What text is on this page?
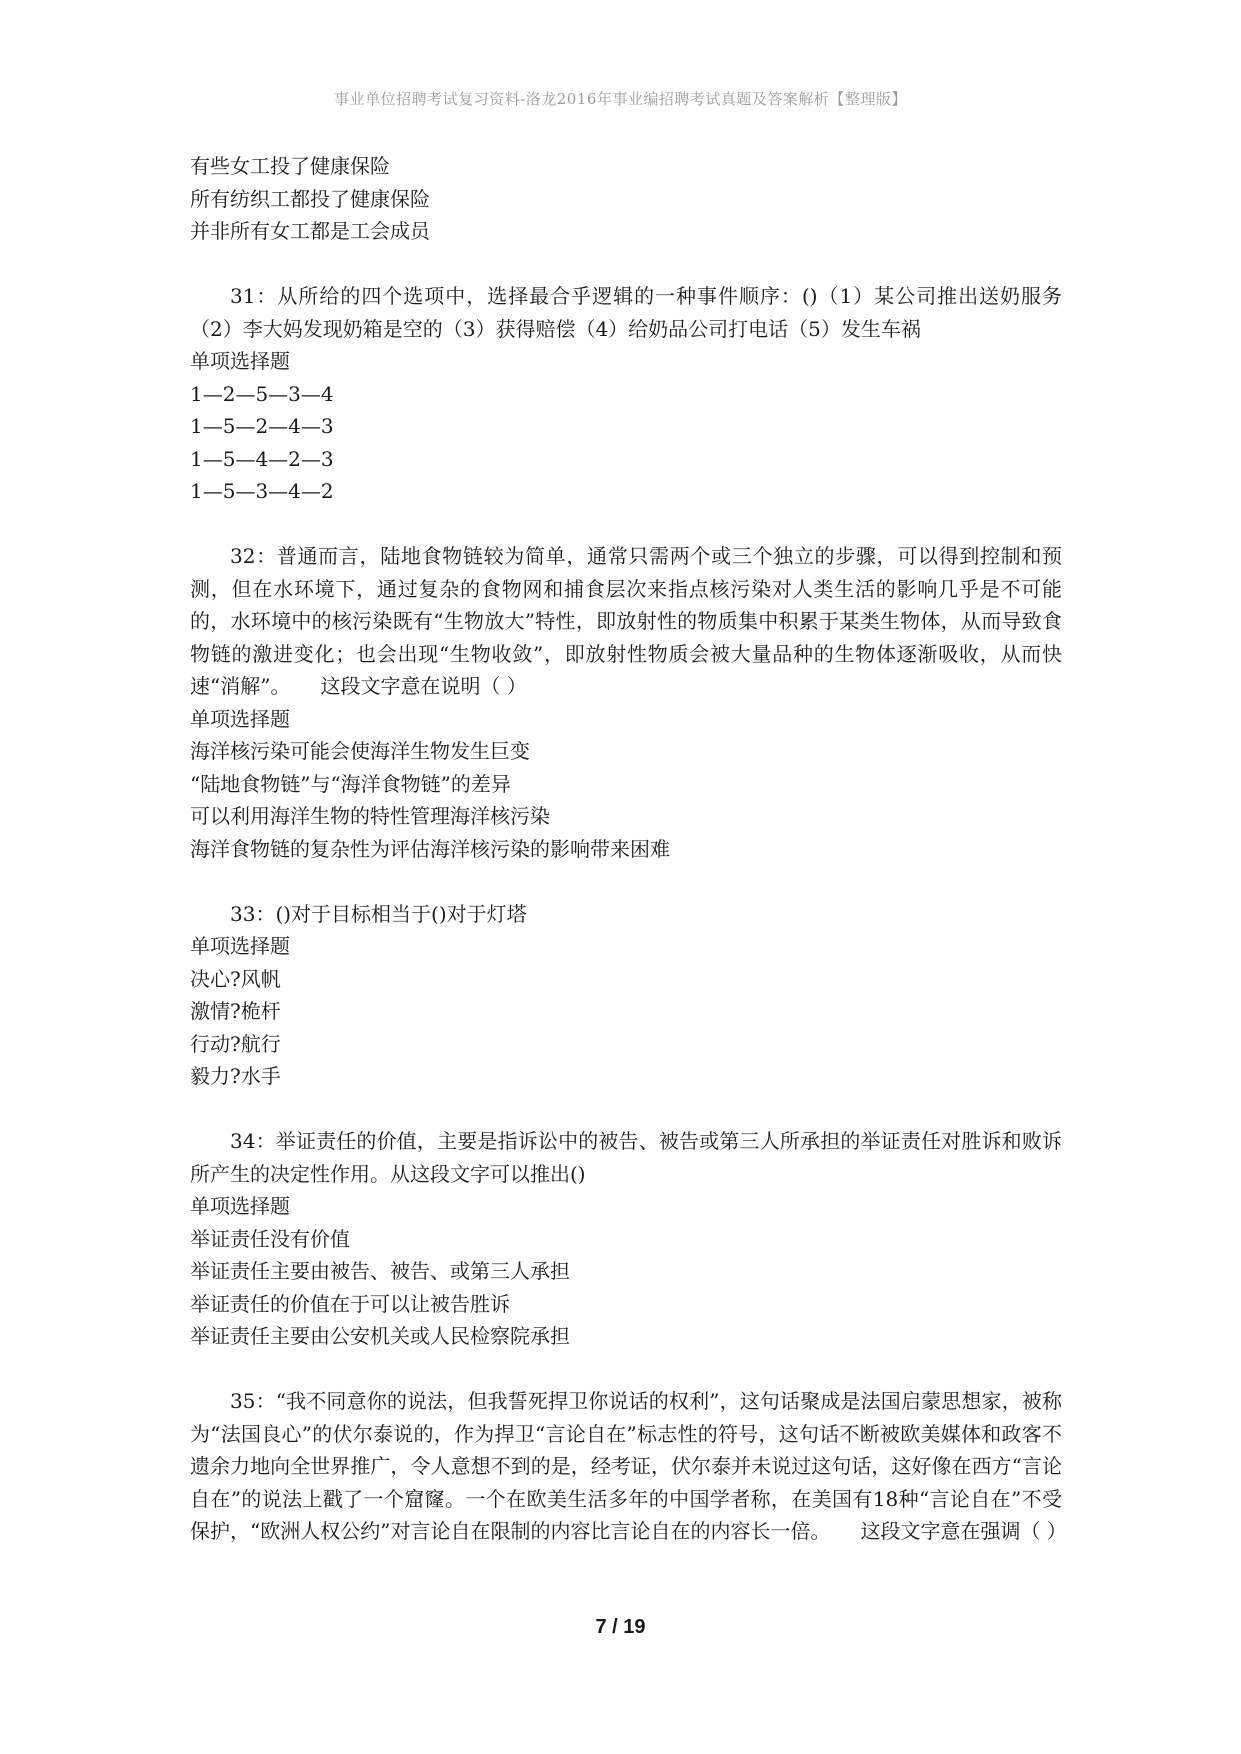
事业单位招聘考试复习资料-洛龙2016年事业编招聘考试真题及答案解析【整理版】

有些女工投了健康保险

所有纺织工都投了健康保险

并非所有女工都是工会成员

31：从所给的四个选项中，选择最合乎逻辑的一种事件顺序：()（1）某公司推出送奶服务（2）李大妈发现奶箱是空的（3）获得赔偿（4）给奶品公司打电话（5）发生车祸

单项选择题

1—2—5—3—4

1—5—2—4—3

1—5—4—2—3

1—5—3—4—2

32：普通而言，陆地食物链较为简单，通常只需两个或三个独立的步骤，可以得到控制和预测，但在水环境下，通过复杂的食物网和捕食层次来指点核污染对人类生活的影响几乎是不可能的，水环境中的核污染既有“生物放大”特性，即放射性的物质集中积累于某类生物体，从而导致食物链的激进变化；也会出现“生物收敛”，即放射性物质会被大量品种的生物体逐渐吸收，从而快速“消解”。　　这段文字意在说明（ ）

单项选择题

海洋核污染可能会使海洋生物发生巨变

“陆地食物链”与“海洋食物链”的差异

可以利用海洋生物的特性管理海洋核污染

海洋食物链的复杂性为评估海洋核污染的影响带来困难

33：()对于目标相当于()对于灯塔

单项选择题

决心?风帆

激情?桅杆

行动?航行

毅力?水手

34：举证责任的价值，主要是指诉讼中的被告、被告或第三人所承担的举证责任对胜诉和败诉所产生的决定性作用。从这段文字可以推出()

单项选择题

举证责任没有价值

举证责任主要由被告、被告、或第三人承担

举证责任的价值在于可以让被告胜诉

举证责任主要由公安机关或人民检察院承担

35：“我不同意你的说法，但我誓死捍卫你说话的权利”，这句话聚成是法国启蒙思想家，被称为“法国良心”的伏尔泰说的，作为捍卫“言论自在”标志性的符号，这句话不断被欧美媒体和政客不遗余力地向全世界推广，令人意想不到的是，经考证，伏尔泰并未说过这句话，这好像在西方“言论自在”的说法上戳了一个窟窿。一个在欧美生活多年的中国学者称，在美国有18种“言论自在”不受保护，“欧洲人权公约”对言论自在限制的内容比言论自在的内容长一倍。　　这段文字意在强调（ ）

7 / 19
